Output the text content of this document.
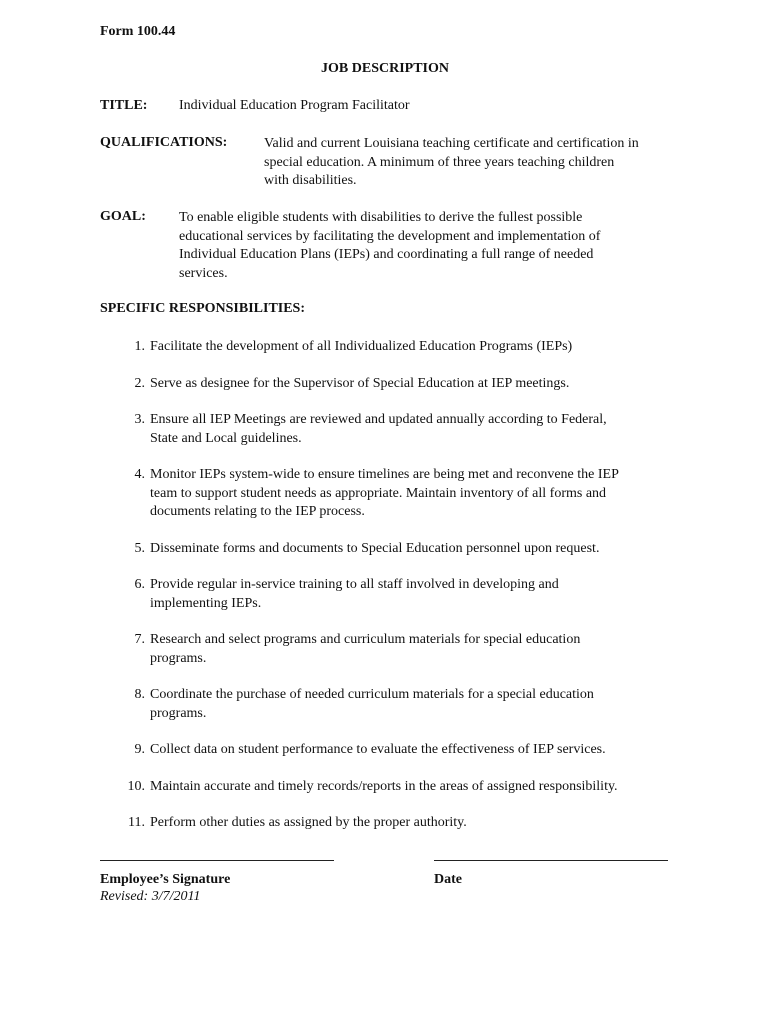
Form 100.44
JOB DESCRIPTION
TITLE: Individual Education Program Facilitator
QUALIFICATIONS:	Valid and current Louisiana teaching certificate and certification in
special education. A minimum of three years teaching children
with disabilities.
GOAL: To enable eligible students with disabilities to derive the fullest possible
educational services by facilitating the development and implementation of
Individual Education Plans (IEPs) and coordinating a full range of needed
services.
SPECIFIC RESPONSIBILITIES:
1. Facilitate the development of all Individualized Education Programs (IEPs)
2. Serve as designee for the Supervisor of Special Education at IEP meetings.
3. Ensure all IEP Meetings are reviewed and updated annually according to Federal,
State and Local guidelines.
4. Monitor IEPs system-wide to ensure timelines are being met and reconvene the IEP
team to support student needs as appropriate. Maintain inventory of all forms and
documents relating to the IEP process.
5. Disseminate forms and documents to Special Education personnel upon request.
6. Provide regular in-service training to all staff involved in developing and
implementing IEPs.
7. Research and select programs and curriculum materials for special education
programs.
8. Coordinate the purchase of needed curriculum materials for a special education
programs.
9. Collect data on student performance to evaluate the effectiveness of IEP services.
10. Maintain accurate and timely records/reports in the areas of assigned responsibility.
11. Perform other duties as assigned by the proper authority.
Employee’s Signature	Date
Revised: 3/7/2011
